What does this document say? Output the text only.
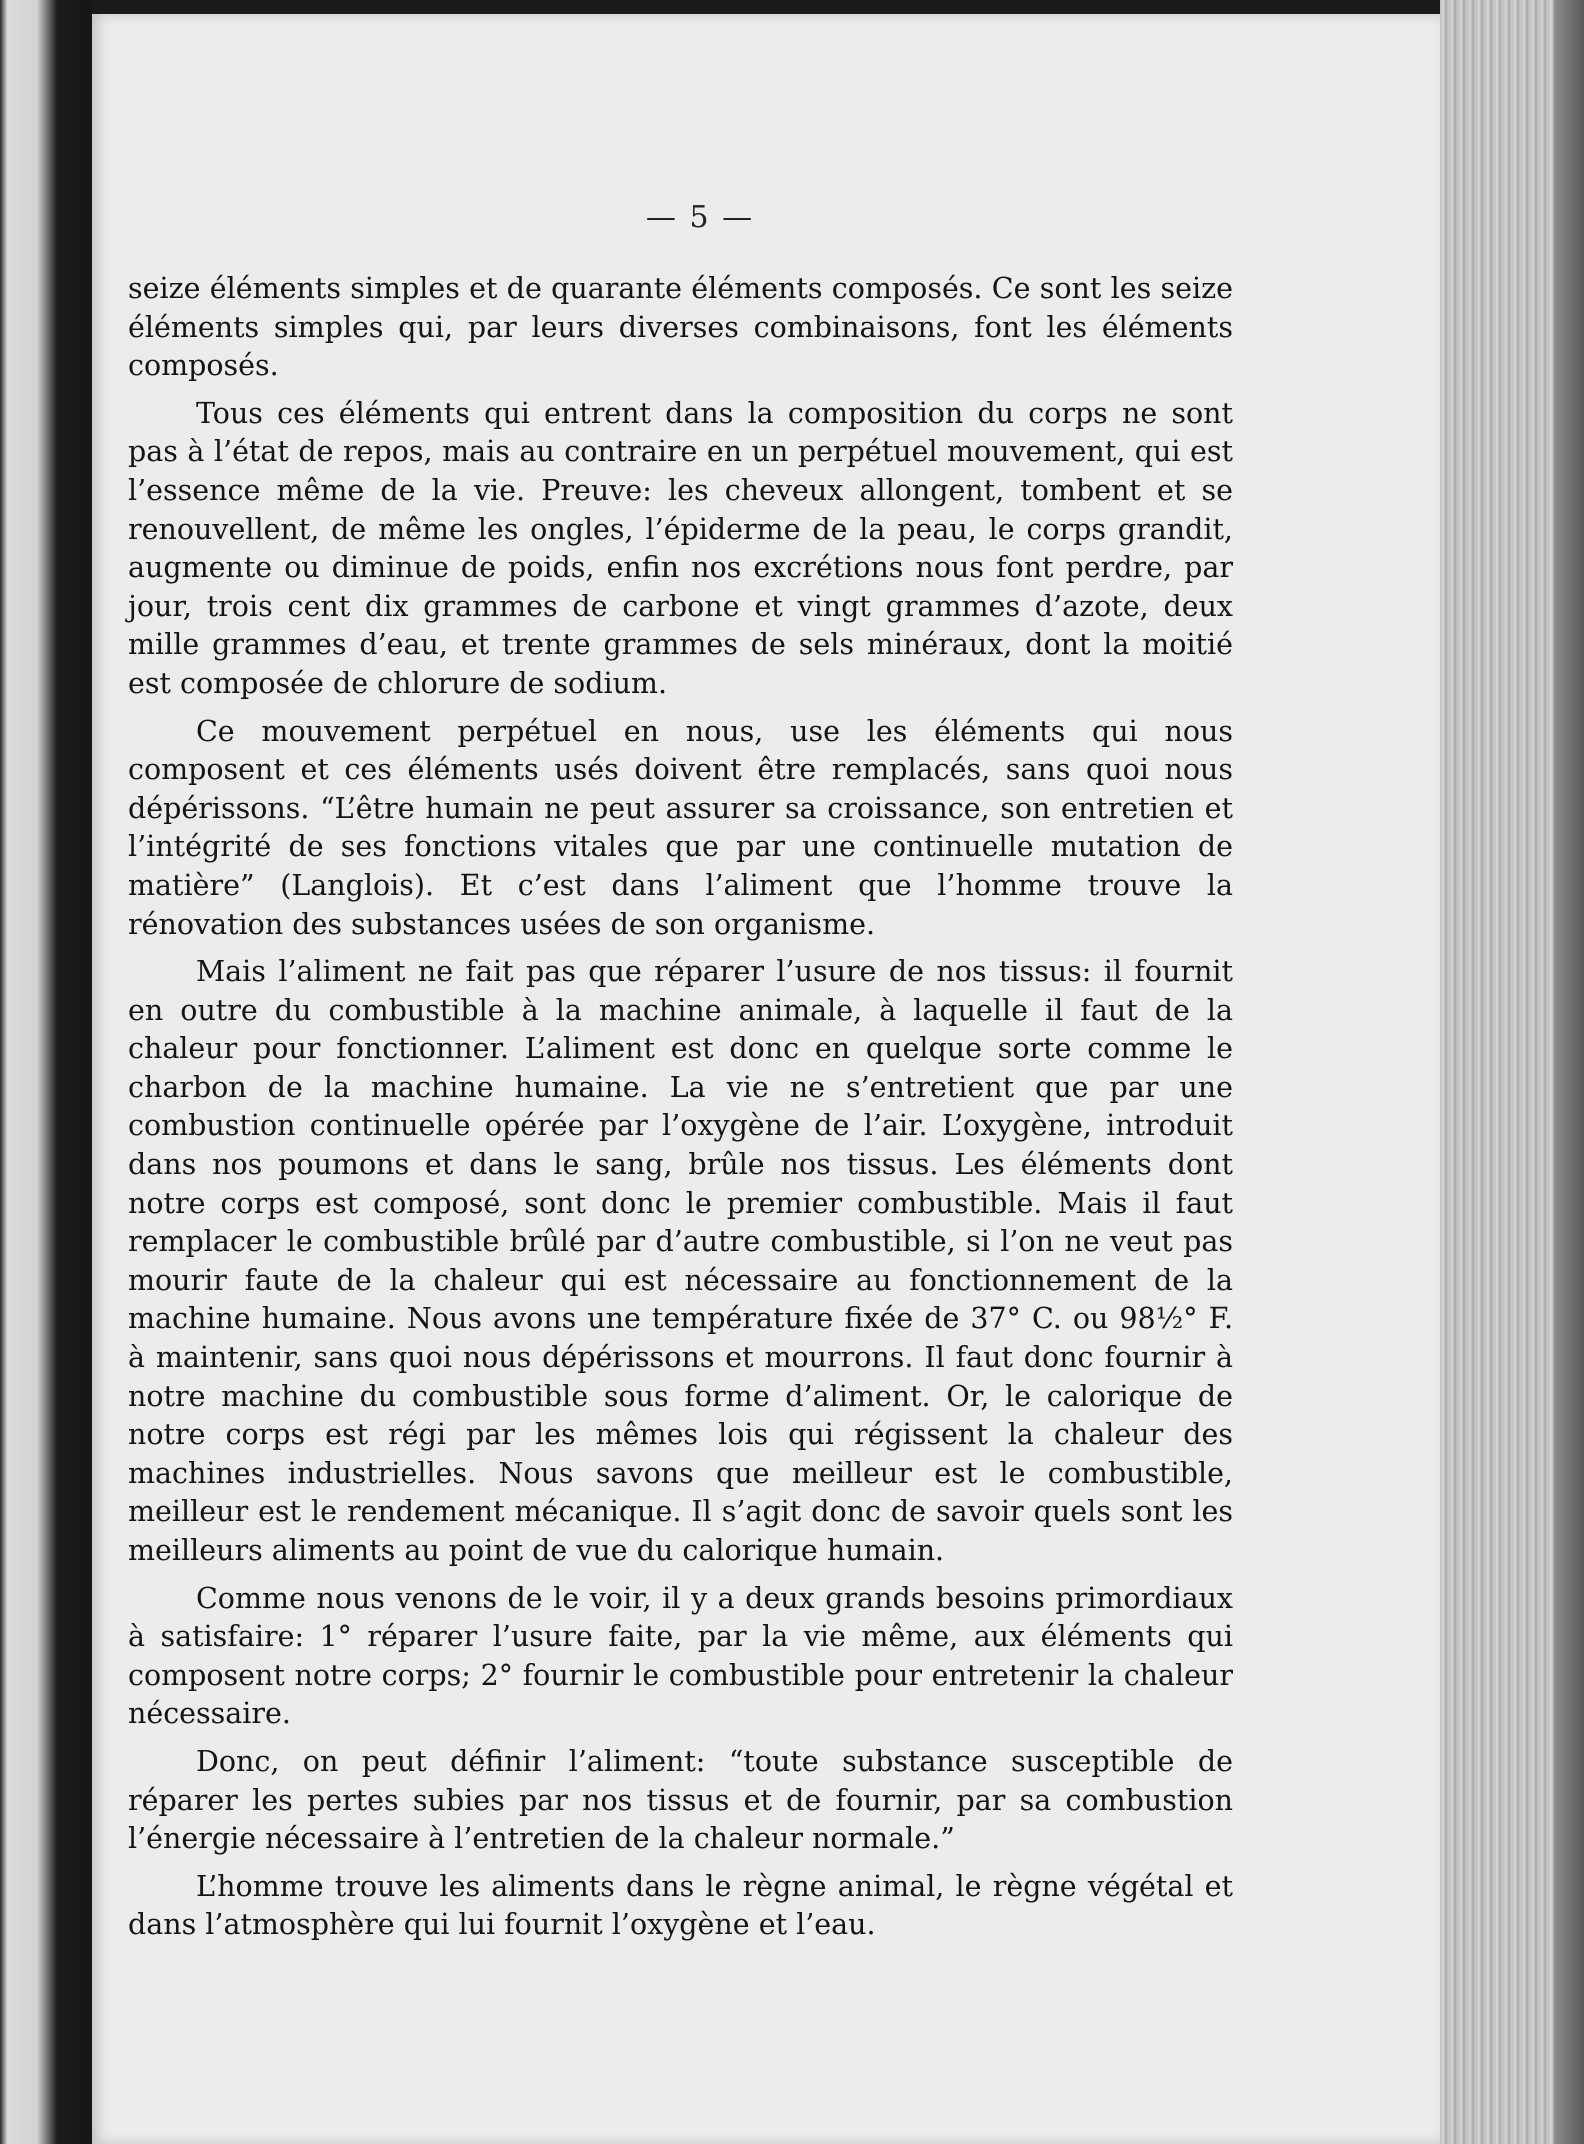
— 5 —

seize éléments simples et de quarante éléments composés. Ce sont les seize éléments simples qui, par leurs diverses combinaisons, font les éléments composés.

Tous ces éléments qui entrent dans la composition du corps ne sont pas à l’état de repos, mais au contraire en un perpétuel mouvement, qui est l’essence même de la vie. Preuve: les cheveux allongent, tombent et se renouvellent, de même les ongles, l’épiderme de la peau, le corps grandit, augmente ou diminue de poids, enfin nos excrétions nous font perdre, par jour, trois cent dix grammes de carbone et vingt grammes d’azote, deux mille grammes d’eau, et trente grammes de sels minéraux, dont la moitié est composée de chlorure de sodium.

Ce mouvement perpétuel en nous, use les éléments qui nous composent et ces éléments usés doivent être remplacés, sans quoi nous dépérissons. “L’être humain ne peut assurer sa croissance, son entretien et l’intégrité de ses fonctions vitales que par une continuelle mutation de matière” (Langlois). Et c’est dans l’aliment que l’homme trouve la rénovation des substances usées de son organisme.

Mais l’aliment ne fait pas que réparer l’usure de nos tissus: il fournit en outre du combustible à la machine animale, à laquelle il faut de la chaleur pour fonctionner. L’aliment est donc en quelque sorte comme le charbon de la machine humaine. La vie ne s’entretient que par une combustion continuelle opérée par l’oxygène de l’air. L’oxygène, introduit dans nos poumons et dans le sang, brûle nos tissus. Les éléments dont notre corps est composé, sont donc le premier combustible. Mais il faut remplacer le combustible brûlé par d’autre combustible, si l’on ne veut pas mourir faute de la chaleur qui est nécessaire au fonctionnement de la machine humaine. Nous avons une température fixée de 37° C. ou 98½° F. à maintenir, sans quoi nous dépérissons et mourrons. Il faut donc fournir à notre machine du combustible sous forme d’aliment. Or, le calorique de notre corps est régi par les mêmes lois qui régissent la chaleur des machines industrielles. Nous savons que meilleur est le combustible, meilleur est le rendement mécanique. Il s’agit donc de savoir quels sont les meilleurs aliments au point de vue du calorique humain.

Comme nous venons de le voir, il y a deux grands besoins primordiaux à satisfaire: 1° réparer l’usure faite, par la vie même, aux éléments qui composent notre corps; 2° fournir le combustible pour entretenir la chaleur nécessaire.

Donc, on peut définir l’aliment: “toute substance susceptible de réparer les pertes subies par nos tissus et de fournir, par sa combustion l’énergie nécessaire à l’entretien de la chaleur normale.”

L’homme trouve les aliments dans le règne animal, le règne végétal et dans l’atmosphère qui lui fournit l’oxygène et l’eau.
